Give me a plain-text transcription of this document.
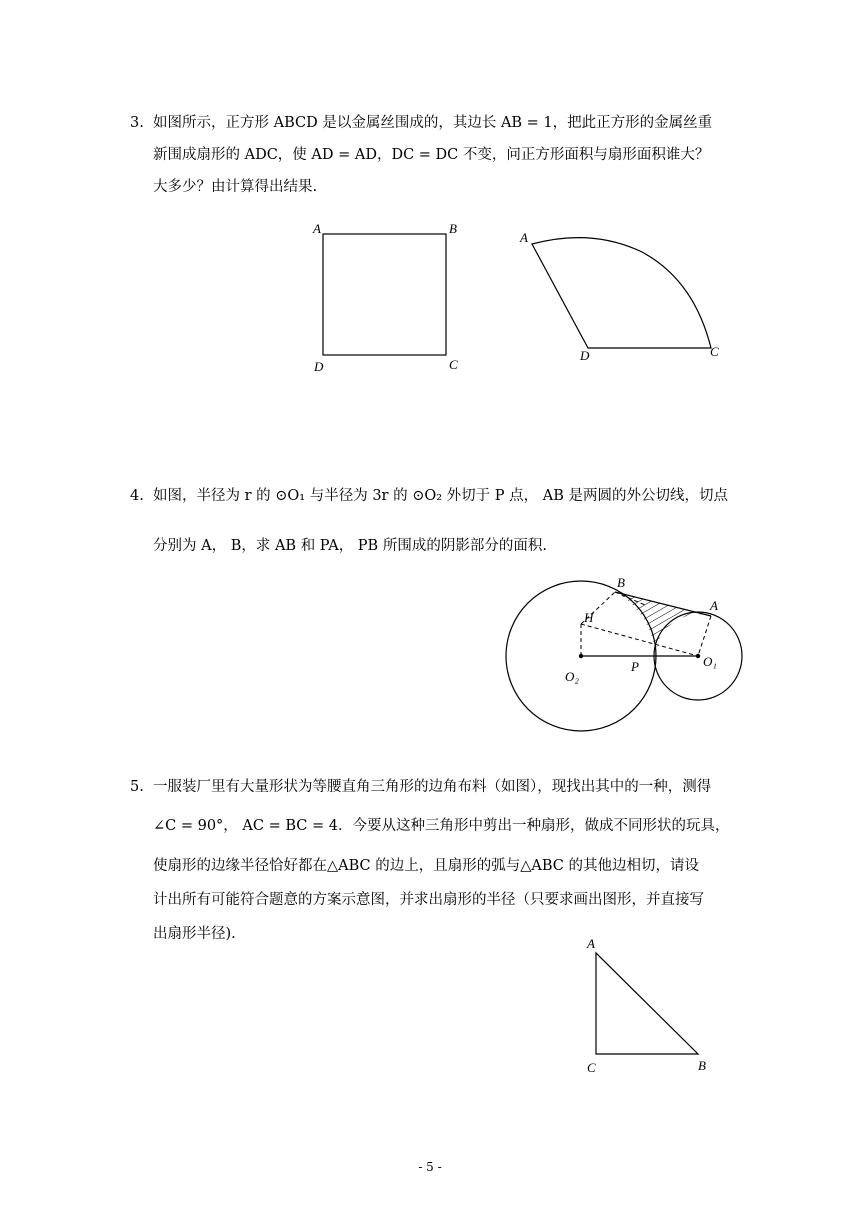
3. 如图所示，正方形 ABCD 是以金属丝围成的，其边长 AB = 1，把此正方形的金属丝重
新围成扇形的 ADC，使 AD = AD，DC = DC 不变，问正方形面积与扇形面积谁大？
大多少？由计算得出结果.
4. 如图，半径为 r 的 ⊙O₁ 与半径为 3r 的 ⊙O₂ 外切于 P 点， AB 是两圆的外公切线，切点
分别为 A， B，求 AB 和 PA， PB 所围成的阴影部分的面积.
5. 一服装厂里有大量形状为等腰直角三角形的边角布料（如图），现找出其中的一种，测得
∠C = 90°， AC = BC = 4．今要从这种三角形中剪出一种扇形，做成不同形状的玩具，
使扇形的边缘半径恰好都在△ABC 的边上，且扇形的弧与△ABC 的其他边相切，请设
计出所有可能符合题意的方案示意图，并求出扇形的半径（只要求画出图形，并直接写
出扇形半径).
A	B
C
D
A
D	C
B
A
H
O₂
P	O₁
A
C	B
- 5 -
